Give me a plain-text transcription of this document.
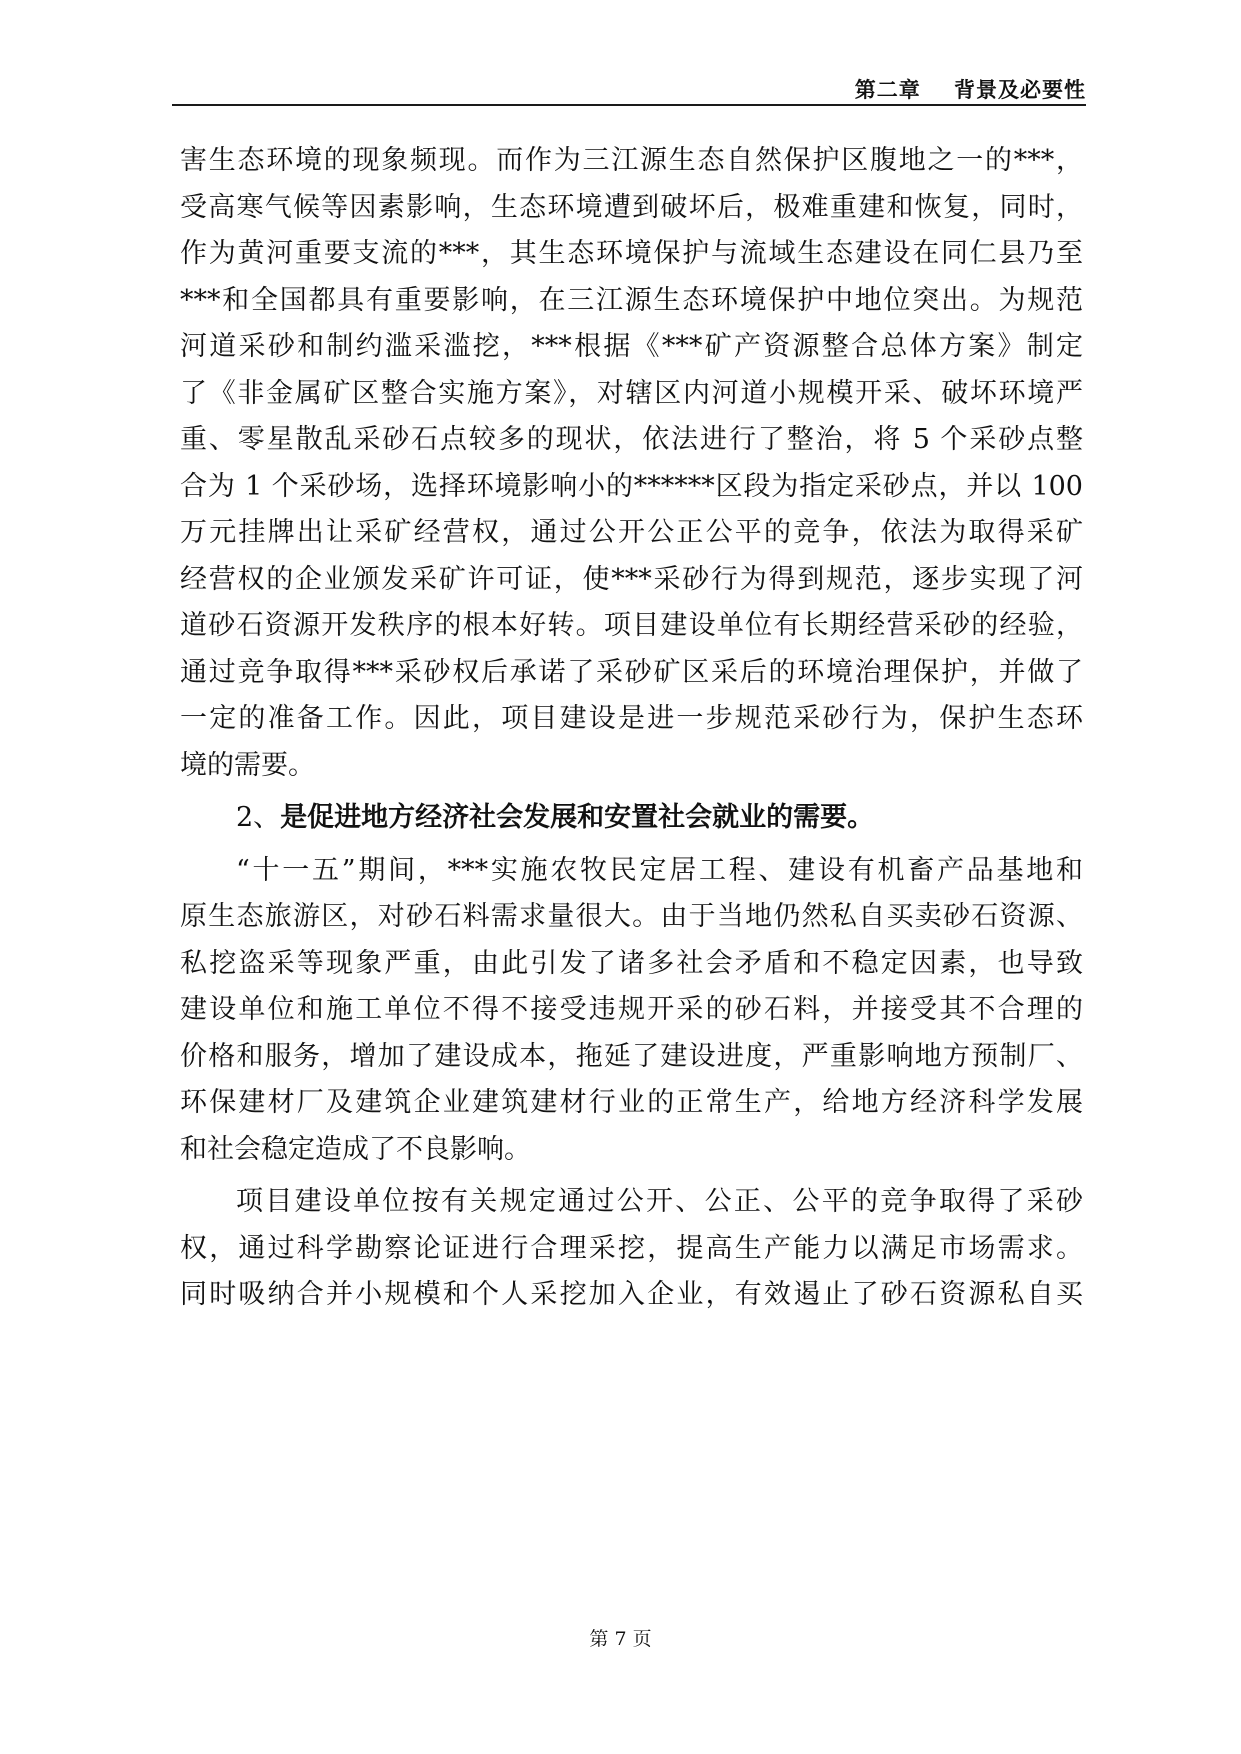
第二章    背景及必要性
害生态环境的现象频现。而作为三江源生态自然保护区腹地之一的***，
受高寒气候等因素影响，生态环境遭到破坏后，极难重建和恢复，同时，
作为黄河重要支流的***，其生态环境保护与流域生态建设在同仁县乃至
***和全国都具有重要影响，在三江源生态环境保护中地位突出。为规范
河道采砂和制约滥采滥挖，***根据《***矿产资源整合总体方案》制定
了《非金属矿区整合实施方案》，对辖区内河道小规模开采、破坏环境严
重、零星散乱采砂石点较多的现状，依法进行了整治，将 5 个采砂点整
合为 1 个采砂场，选择环境影响小的******区段为指定采砂点，并以 100
万元挂牌出让采矿经营权，通过公开公正公平的竞争，依法为取得采矿
经营权的企业颁发采矿许可证，使***采砂行为得到规范，逐步实现了河
道砂石资源开发秩序的根本好转。项目建设单位有长期经营采砂的经验，
通过竞争取得***采砂权后承诺了采砂矿区采后的环境治理保护，并做了
一定的准备工作。因此，项目建设是进一步规范采砂行为，保护生态环
境的需要。
2、是促进地方经济社会发展和安置社会就业的需要。
“十一五”期间，***实施农牧民定居工程、建设有机畜产品基地和
原生态旅游区，对砂石料需求量很大。由于当地仍然私自买卖砂石资源、
私挖盗采等现象严重，由此引发了诸多社会矛盾和不稳定因素，也导致
建设单位和施工单位不得不接受违规开采的砂石料，并接受其不合理的
价格和服务，增加了建设成本，拖延了建设进度，严重影响地方预制厂、
环保建材厂及建筑企业建筑建材行业的正常生产，给地方经济科学发展
和社会稳定造成了不良影响。
项目建设单位按有关规定通过公开、公正、公平的竞争取得了采砂
权，通过科学勘察论证进行合理采挖，提高生产能力以满足市场需求。
同时吸纳合并小规模和个人采挖加入企业，有效遏止了砂石资源私自买
第 7 页
